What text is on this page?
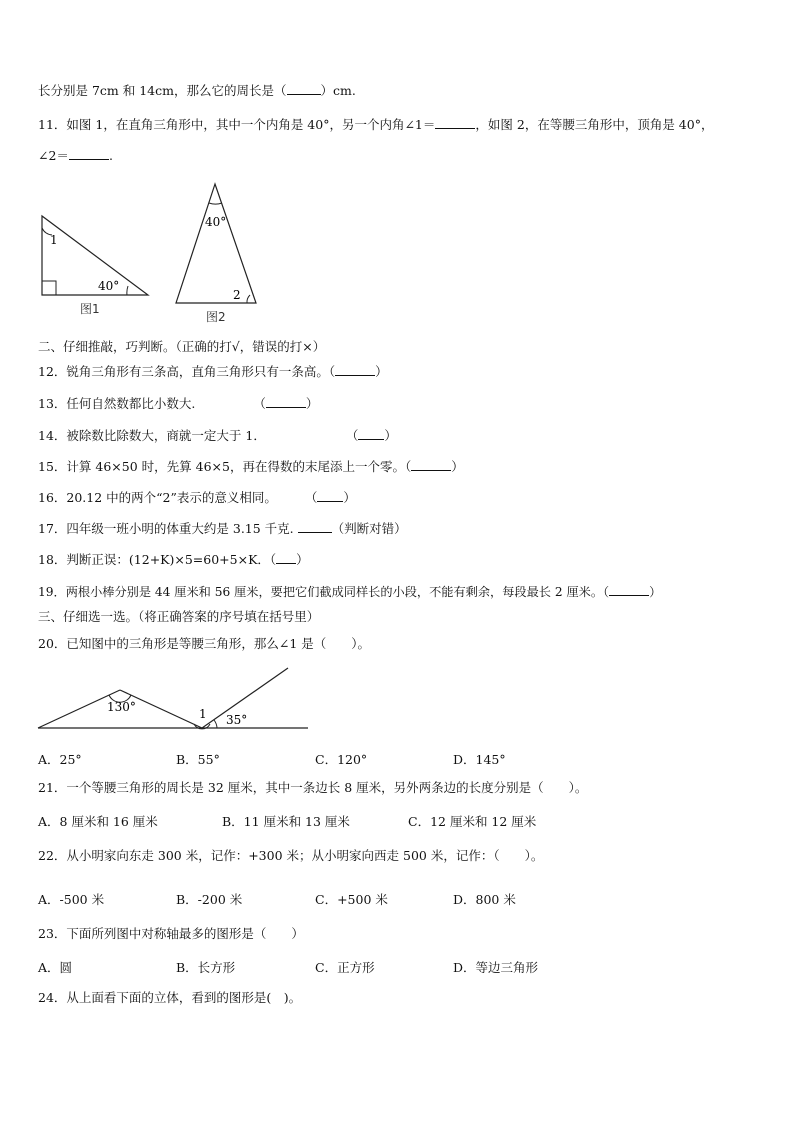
长分别是 7cm 和 14cm，那么它的周长是（	）cm.
11．如图 1，在直角三角形中，其中一个内角是 40°，另一个内角∠1＝	，如图 2，在等腰三角形中，顶角是 40°，
∠2＝	.
1
40°
图1
40°
2
图2
二、仔细推敲，巧判断。（正确的打√，错误的打×）
12．锐角三角形有三条高，直角三角形只有一条高。（	）
13．任何自然数都比小数大.	（	）
14．被除数比除数大，商就一定大于 1．	（ ）
15．计算 46×50 时，先算 46×5，再在得数的末尾添上一个零。（	）
16．20.12 中的两个“2”表示的意义相同。 （ ）
17．四年级一班小明的体重大约是 3.15 千克.	（判断对错）
18．判断正误：(12+K)×5=60+5×K．（ ）
19．两根小棒分别是 44 厘米和 56 厘米，要把它们截成同样长的小段，不能有剩余，每段最长 2 厘米。（	）
三、仔细选一选。（将正确答案的序号填在括号里）
20．已知图中的三角形是等腰三角形，那么∠1 是（　　）。
130°	1 35°
A．25°	B．55°	C．120°	D．145°
21．一个等腰三角形的周长是 32 厘米，其中一条边长 8 厘米，另外两条边的长度分别是（　　）。
A．8 厘米和 16 厘米	B．11 厘米和 13 厘米	C．12 厘米和 12 厘米
22．从小明家向东走 300 米，记作：+300 米；从小明家向西走 500 米，记作：（　　）。
A．-500 米	B．-200 米	C．+500 米	D．800 米
23．下面所列图中对称轴最多的图形是（　　）
A．圆	B．长方形	C．正方形	D．等边三角形
24．从上面看下面的立体，看到的图形是(　)。
